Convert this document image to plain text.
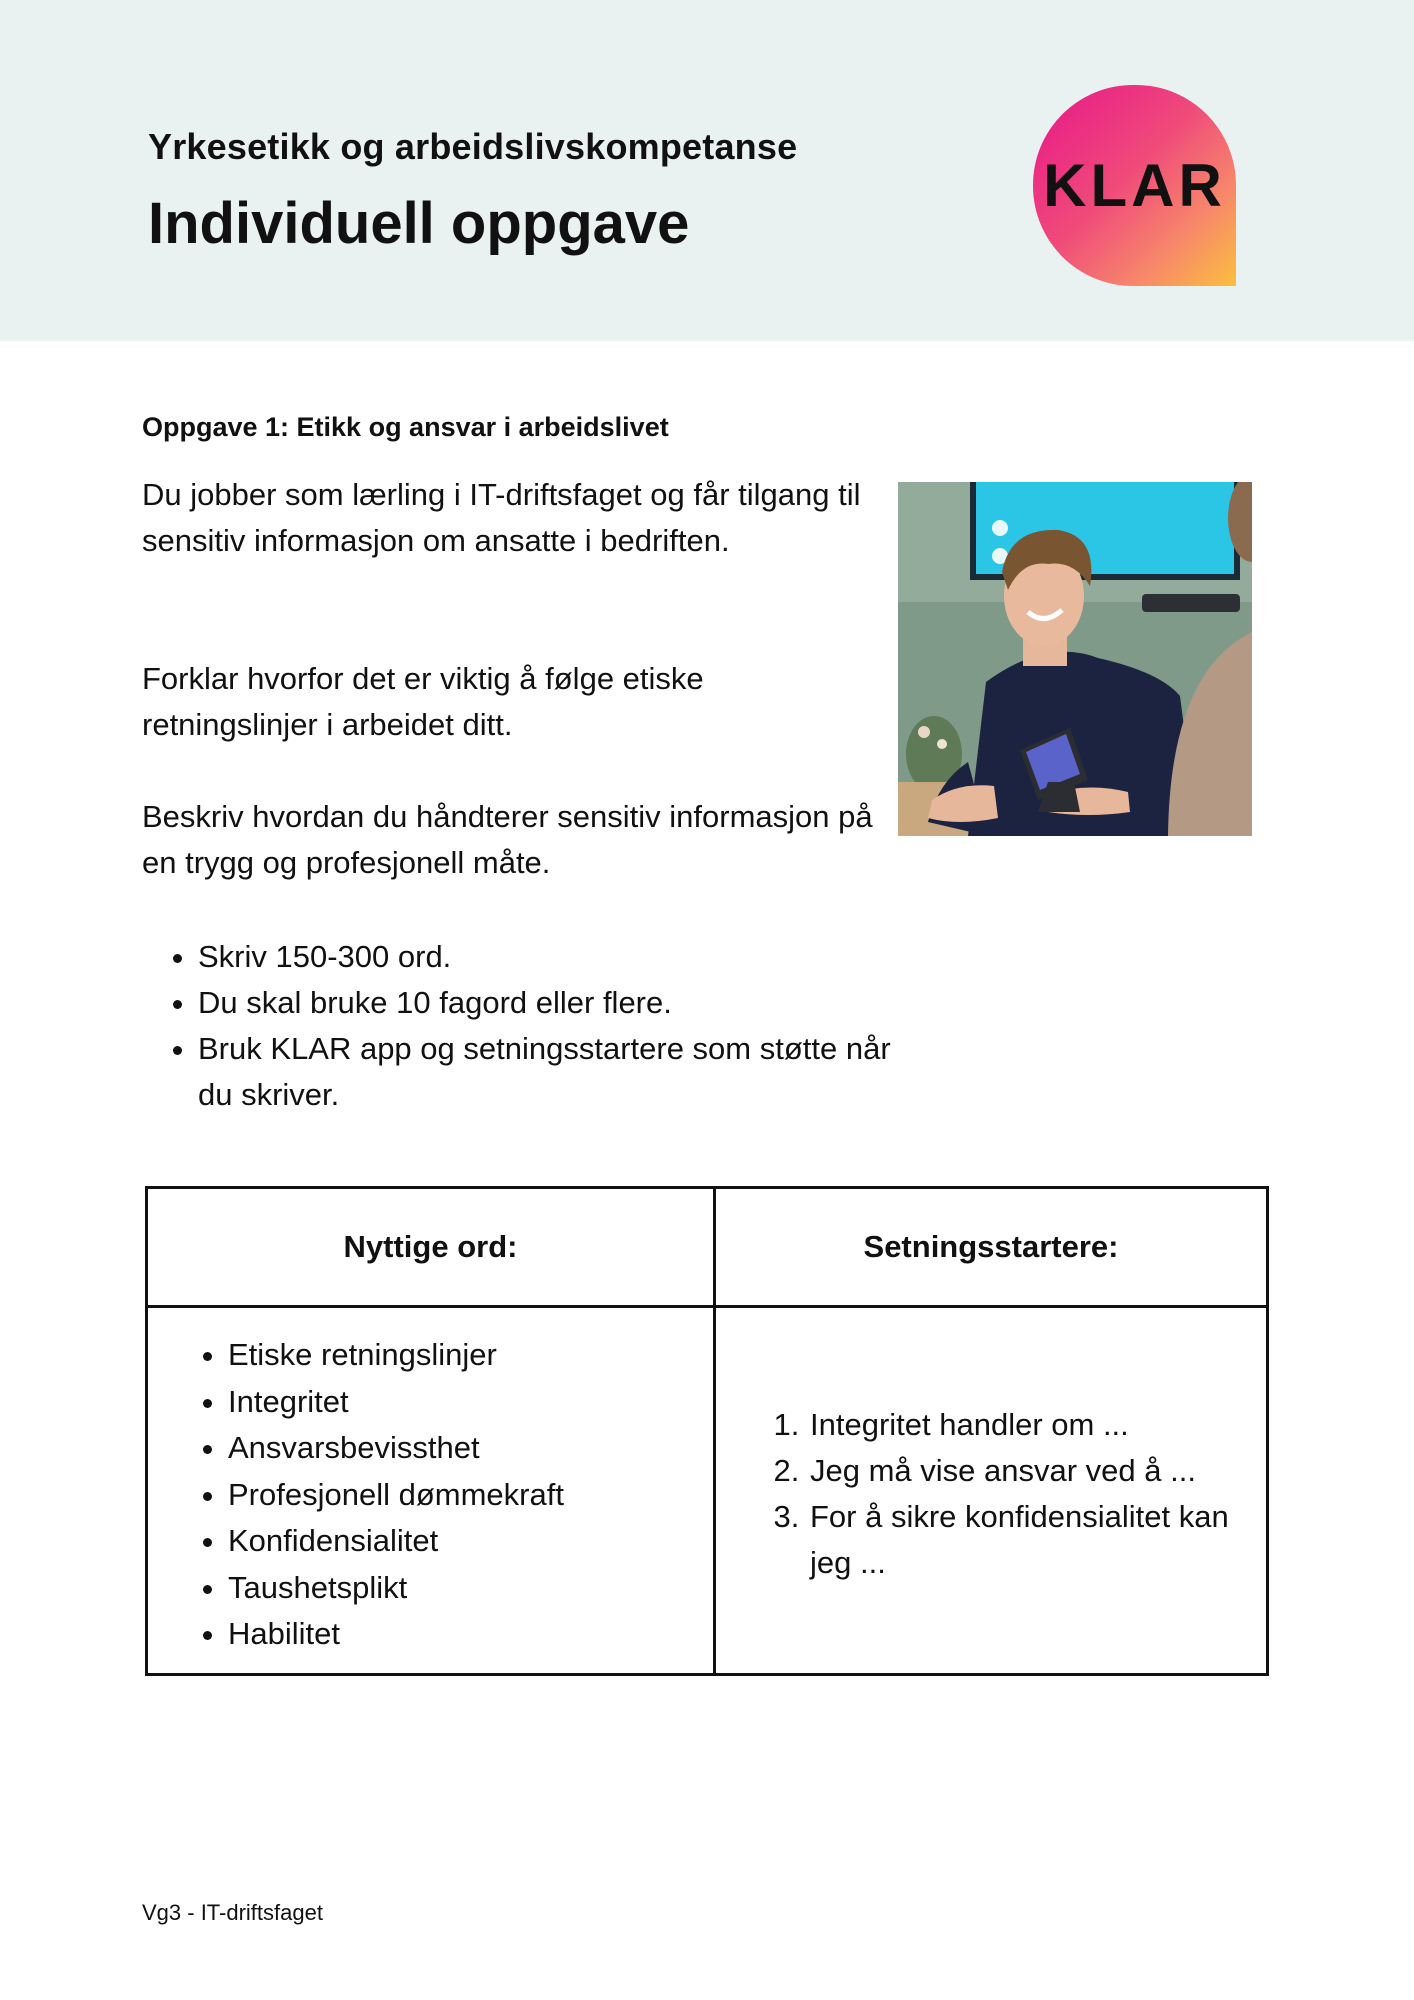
Yrkesetikk og arbeidslivskompetanse
Individuell oppgave
KLAR
Oppgave 1: Etikk og ansvar i arbeidslivet

Du jobber som lærling i IT-driftsfaget og får tilgang til sensitiv informasjon om ansatte i bedriften.

Forklar hvorfor det er viktig å følge etiske retningslinjer i arbeidet ditt.

Beskriv hvordan du håndterer sensitiv informasjon på en trygg og profesjonell måte.

• Skriv 150-300 ord.
• Du skal bruke 10 fagord eller flere.
• Bruk KLAR app og setningsstartere som støtte når du skriver.
Nyttige ord:	Setningsstartere:
• Etiske retningslinjer
• Integritet
• Ansvarsbevissthet
• Profesjonell dømmekraft
• Konfidensialitet
• Taushetsplikt
• Habilitet
1. Integritet handler om ...
2. Jeg må vise ansvar ved å ...
3. For å sikre konfidensialitet kan jeg ...
Vg3 - IT-driftsfaget
